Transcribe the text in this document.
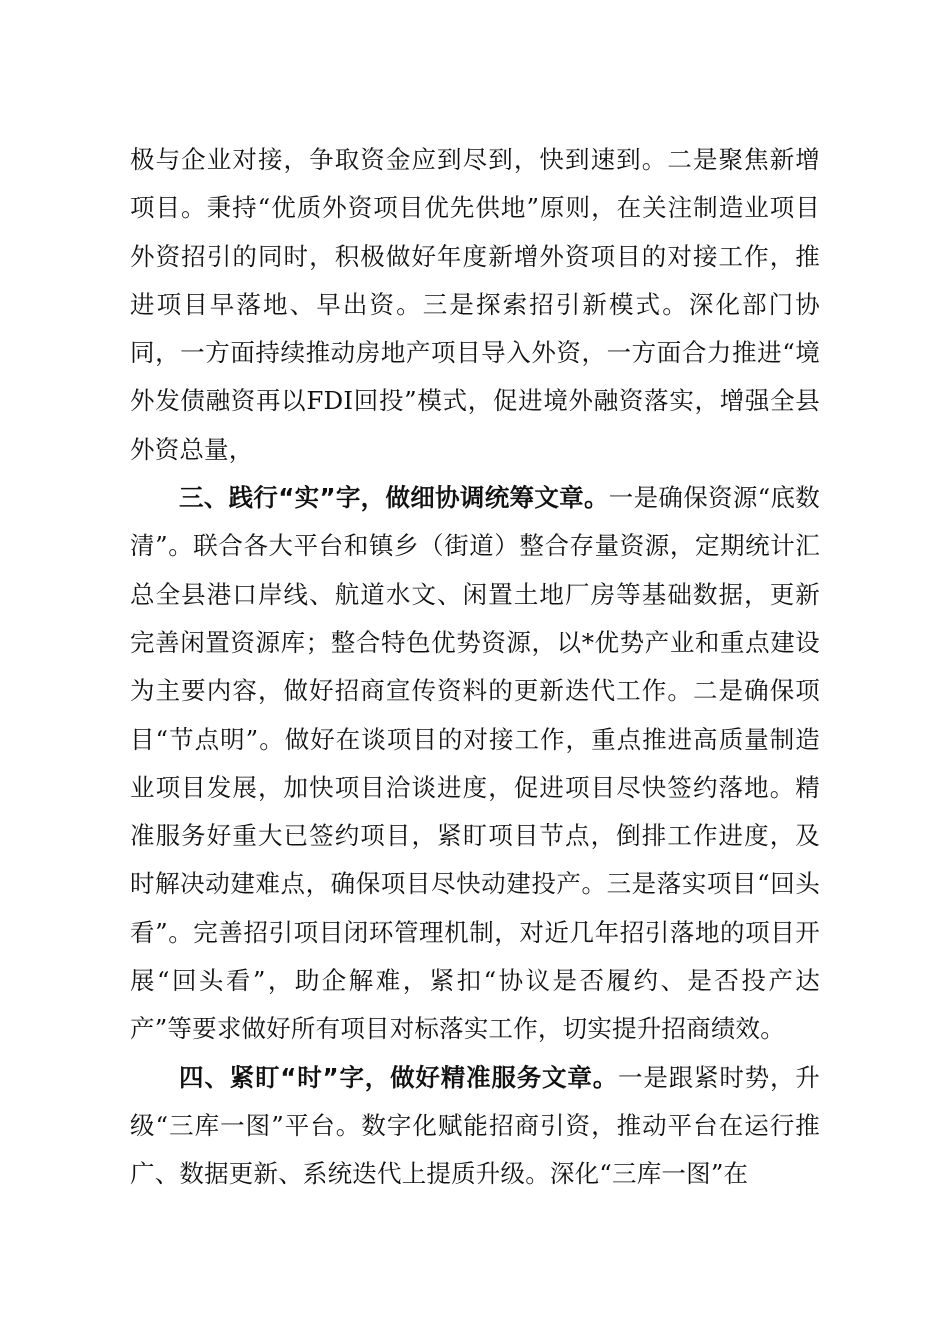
极与企业对接，争取资金应到尽到，快到速到。二是聚焦新增项目。秉持“优质外资项目优先供地”原则，在关注制造业项目外资招引的同时，积极做好年度新增外资项目的对接工作，推进项目早落地、早出资。三是探索招引新模式。深化部门协同，一方面持续推动房地产项目导入外资，一方面合力推进“境外发债融资再以FDI回投”模式，促进境外融资落实，增强全县外资总量，

三、践行“实”字，做细协调统筹文章。一是确保资源“底数清”。联合各大平台和镇乡（街道）整合存量资源，定期统计汇总全县港口岸线、航道水文、闲置土地厂房等基础数据，更新完善闲置资源库；整合特色优势资源，以*优势产业和重点建设为主要内容，做好招商宣传资料的更新迭代工作。二是确保项目“节点明”。做好在谈项目的对接工作，重点推进高质量制造业项目发展，加快项目洽谈进度，促进项目尽快签约落地。精准服务好重大已签约项目，紧盯项目节点，倒排工作进度，及时解决动建难点，确保项目尽快动建投产。三是落实项目“回头看”。完善招引项目闭环管理机制，对近几年招引落地的项目开展“回头看”，助企解难，紧扣“协议是否履约、是否投产达产”等要求做好所有项目对标落实工作，切实提升招商绩效。

四、紧盯“时”字，做好精准服务文章。一是跟紧时势，升级“三库一图”平台。数字化赋能招商引资，推动平台在运行推广、数据更新、系统迭代上提质升级。深化“三库一图”在
